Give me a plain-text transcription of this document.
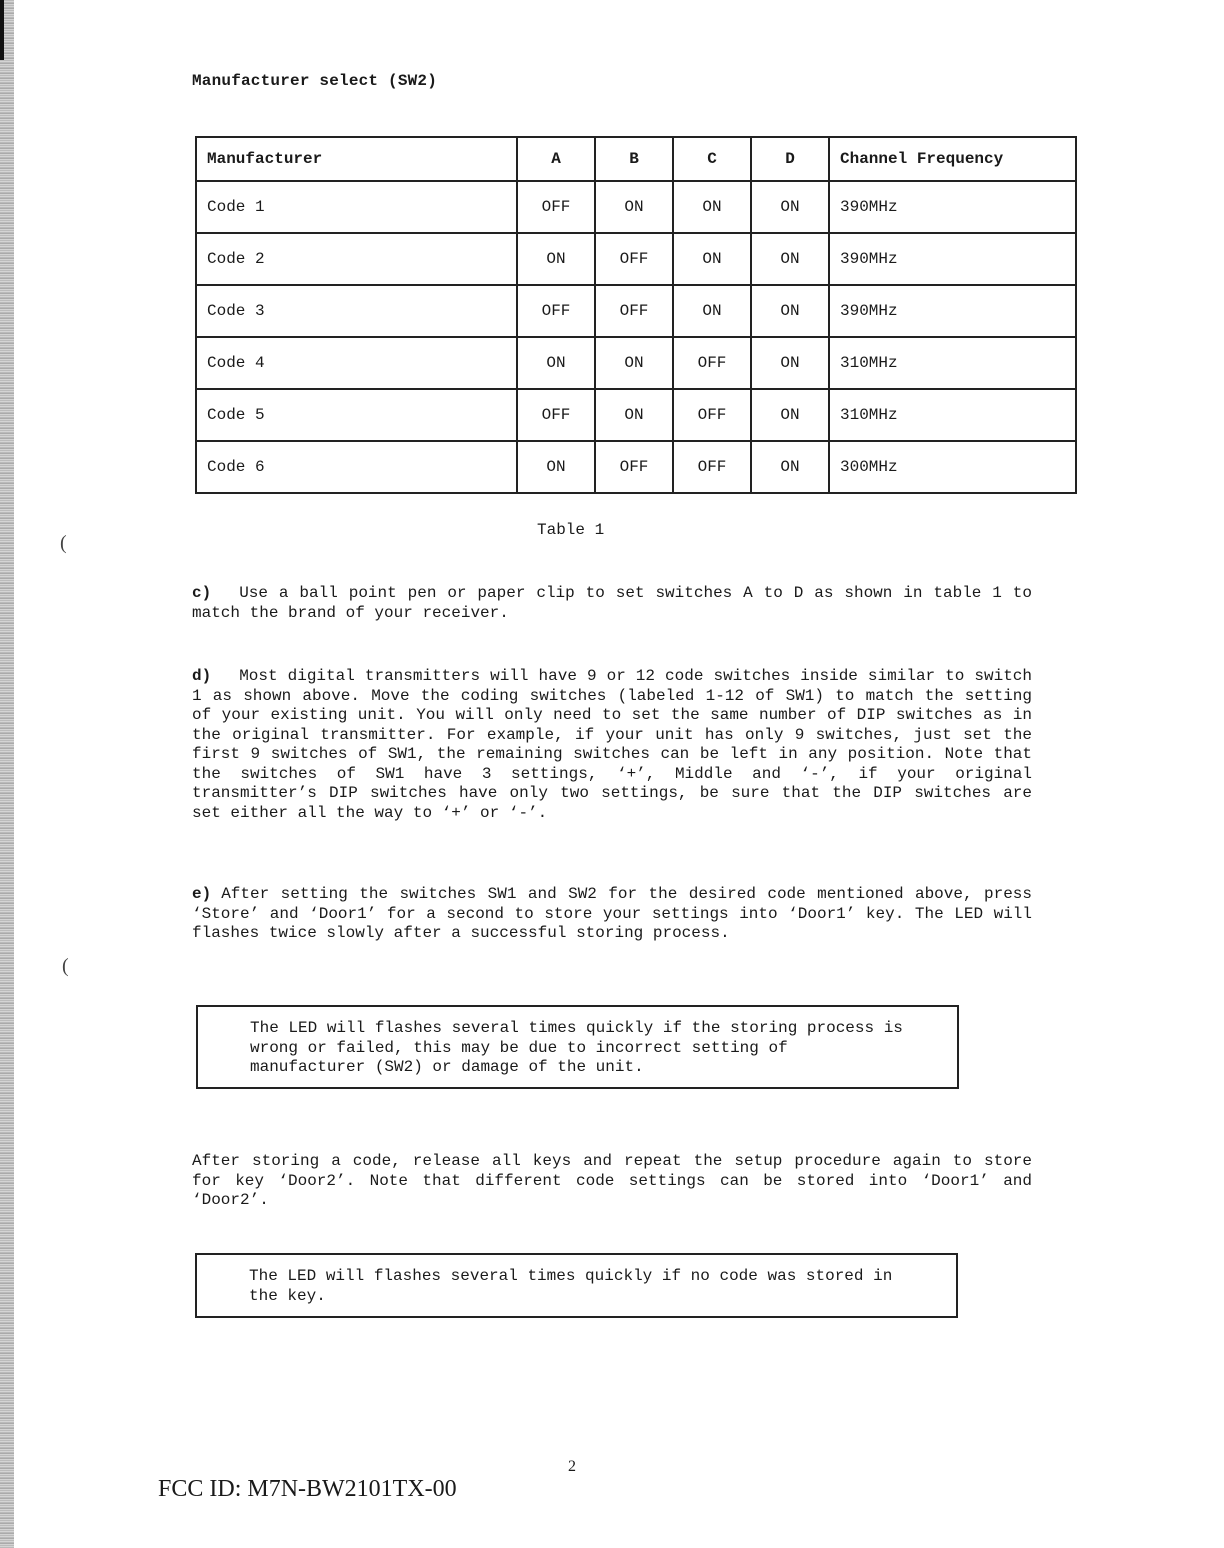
(
(
Manufacturer select (SW2)
Manufacturer	A	B	C	D	Channel Frequency
Code 1	OFF	ON	ON	ON	390MHz
Code 2	ON	OFF	ON	ON	390MHz
Code 3	OFF	OFF	ON	ON	390MHz
Code 4	ON	ON	OFF	ON	310MHz
Code 5	OFF	ON	OFF	ON	310MHz
Code 6	ON	OFF	OFF	ON	300MHz
Table 1

c) Use a ball point pen or paper clip to set switches A to D as shown in table 1 to match the brand of your receiver.

d) Most digital transmitters will have 9 or 12 code switches inside similar to switch 1 as shown above. Move the coding switches (labeled 1-12 of SW1) to match the setting of your existing unit. You will only need to set the same number of DIP switches as in the original transmitter. For example, if your unit has only 9 switches, just set the first 9 switches of SW1, the remaining switches can be left in any position. Note that the switches of SW1 have 3 settings, ‘+’, Middle and ‘-’, if your original transmitter’s DIP switches have only two settings, be sure that the DIP switches are set either all the way to ‘+’ or ‘-’.

e) After setting the switches SW1 and SW2 for the desired code mentioned above, press ‘Store’ and ‘Door1’ for a second to store your settings into ‘Door1’ key. The LED will flashes twice slowly after a successful storing process.

The LED will flashes several times quickly if the storing process is wrong or failed, this may be due to incorrect setting of manufacturer (SW2) or damage of the unit.

After storing a code, release all keys and repeat the setup procedure again to store for key ‘Door2’. Note that different code settings can be stored into ‘Door1’ and ‘Door2’.

The LED will flashes several times quickly if no code was stored in the key.
2
FCC ID: M7N-BW2101TX-00
